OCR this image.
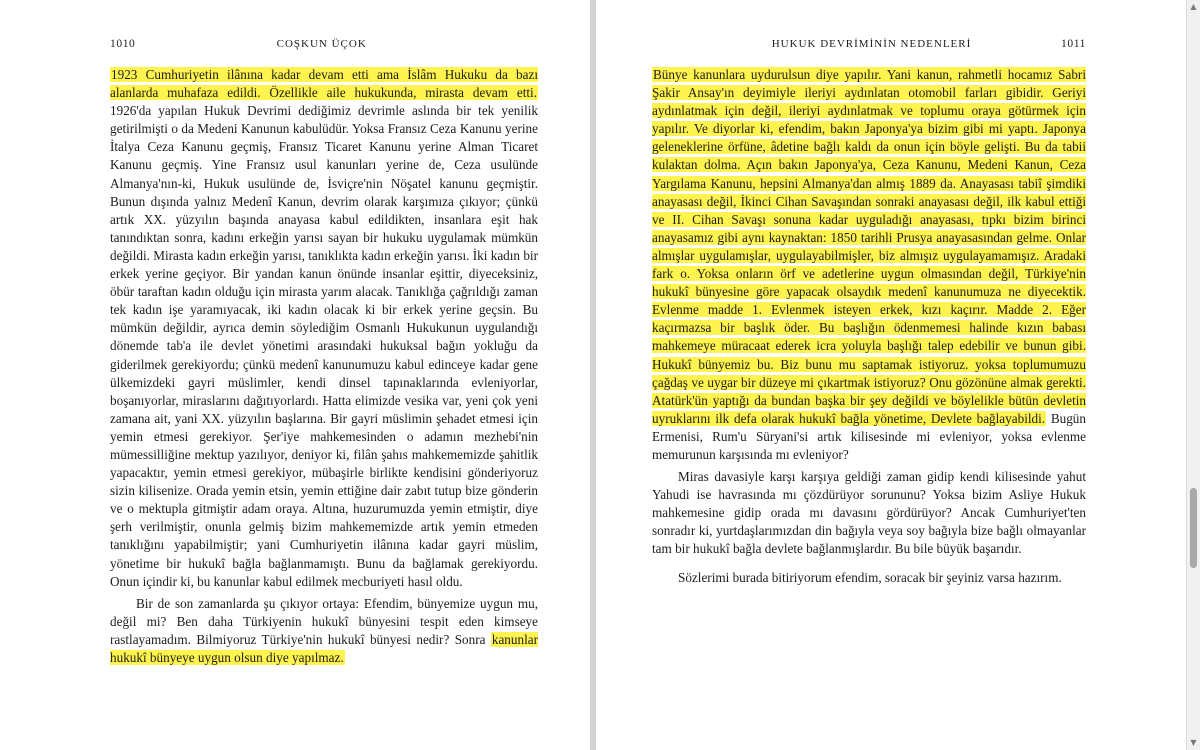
1010	COŞKUN ÜÇOK

1923 Cumhuriyetin ilânına kadar devam etti ama İslâm Hukuku da bazı alanlarda muhafaza edildi. Özellikle aile hukukunda, mirasta devam etti. 1926'da yapılan Hukuk Devrimi dediğimiz devrimle aslında bir tek yenilik getirilmişti o da Medeni Kanunun kabulüdür. Yoksa Fransız Ceza Kanunu yerine İtalya Ceza Kanunu geçmiş, Fransız Ticaret Kanunu yerine Alman Ticaret Kanunu geçmiş. Yine Fransız usul kanunları yerine de, Ceza usulünde Almanya'nın-ki, Hukuk usulünde de, İsviçre'nin Nöşatel kanunu geçmiştir. Bunun dışında yalnız Medenî Kanun, devrim olarak karşımıza çıkıyor; çünkü artık XX. yüzyılın başında anayasa kabul edildikten, insanlara eşit hak tanındıktan sonra, kadını erkeğin yarısı sayan bir hukuku uygulamak mümkün değildi. Mirasta kadın erkeğin yarısı, tanıklıkta kadın erkeğin yarısı. İki kadın bir erkek yerine geçiyor. Bir yandan kanun önünde insanlar eşittir, diyeceksiniz, öbür taraftan kadın olduğu için mirasta yarım alacak. Tanıklığa çağrıldığı zaman tek kadın işe yaramıyacak, iki kadın olacak ki bir erkek yerine geçsin. Bu mümkün değildir, ayrıca demin söylediğim Osmanlı Hukukunun uygulandığı dönemde tab'a ile devlet yönetimi arasındaki hukuksal bağın yokluğu da giderilmek gerekiyordu; çünkü medenî kanunumuzu kabul edinceye kadar gene ülkemizdeki gayri müslimler, kendi dinsel tapınaklarında evleniyorlar, boşanıyorlar, miraslarını dağıtıyorlardı. Hatta elimizde vesika var, yeni çok yeni zamana ait, yani XX. yüzyılın başlarına. Bir gayri müslimin şehadet etmesi için yemin etmesi gerekiyor. Şer'iye mahkemesinden o adamın mezhebi'nin mümessilliğine mektup yazılıyor, deniyor ki, filân şahıs mahkememizde şahitlik yapacaktır, yemin etmesi gerekiyor, mübaşirle birlikte kendisini gönderiyoruz sizin kilisenize. Orada yemin etsin, yemin ettiğine dair zabıt tutup bize gönderin ve o mektupla gitmiştir adam oraya. Altına, huzurumuzda yemin etmiştir, diye şerh verilmiştir, onunla gelmiş bizim mahkememizde artık yemin etmeden tanıklığını yapabilmiştir; yani Cumhuriyetin ilânına kadar gayri müslim, yönetime bir hukukî bağla bağlanmamıştı. Bunu da bağlamak gerekiyordu. Onun içindir ki, bu kanunlar kabul edilmek mecburiyeti hasıl oldu.

Bir de son zamanlarda şu çıkıyor ortaya: Efendim, bünyemize uygun mu, değil mi? Ben daha Türkiyenin hukukî bünyesini tespit eden kimseye rastlayamadım. Bilmiyoruz Türkiye'nin hukukî bünyesi nedir? Sonra kanunlar hukukî bünyeye uygun olsun diye yapılmaz.

HUKUK DEVRİMİNİN NEDENLERİ	1011

Bünye kanunlara uydurulsun diye yapılır. Yani kanun, rahmetli hocamız Sabri Şakir Ansay'ın deyimiyle ileriyi aydınlatan otomobil farları gibidir. Geriyi aydınlatmak için değil, ileriyi aydınlatmak ve toplumu oraya götürmek için yapılır. Ve diyorlar ki, efendim, bakın Japonya'ya bizim gibi mi yaptı. Japonya geleneklerine örfüne, âdetine bağlı kaldı da onun için böyle gelişti. Bu da tabii kulaktan dolma. Açın bakın Japonya'ya, Ceza Kanunu, Medeni Kanun, Ceza Yargılama Kanunu, hepsini Almanya'dan almış 1889 da. Anayasası tabiî şimdiki anayasası değil, İkinci Cihan Savaşından sonraki anayasası değil, ilk kabul ettiği ve II. Cihan Savaşı sonuna kadar uyguladığı anayasası, tıpkı bizim birinci anayasamız gibi aynı kaynaktan: 1850 tarihli Prusya anayasasından gelme. Onlar almışlar uygulamışlar, uygulayabilmişler, biz almışız uygulayamamışız. Aradaki fark o. Yoksa onların örf ve adetlerine uygun olmasından değil, Türkiye'nin hukukî bünyesine göre yapacak olsaydık medenî kanunumuza ne diyecektik. Evlenme madde 1. Evlenmek isteyen erkek, kızı kaçırır. Madde 2. Eğer kaçırmazsa bir başlık öder. Bu başlığın ödenmemesi halinde kızın babası mahkemeye müracaat ederek icra yoluyla başlığı talep edebilir ve bunun gibi. Hukukî bünyemiz bu. Biz bunu mu saptamak istiyoruz. yoksa toplumumuzu çağdaş ve uygar bir düzeye mi çıkartmak istiyoruz? Onu gözönüne almak gerekti. Atatürk'ün yaptığı da bundan başka bir şey değildi ve böylelikle bütün devletin uyruklarını ilk defa olarak hukukî bağla yönetime, Devlete bağlayabildi. Bugün Ermenisi, Rum'u Süryani'si artık kilisesinde mi evleniyor, yoksa evlenme memurunun karşısında mı evleniyor?

Miras davasiyle karşı karşıya geldiği zaman gidip kendi kilisesinde yahut Yahudi ise havrasında mı çözdürüyor sorununu? Yoksa bizim Asliye Hukuk mahkemesine gidip orada mı davasını gördürüyor? Ancak Cumhuriyet'ten sonradır ki, yurtdaşlarımızdan din bağıyla veya soy bağıyla bize bağlı olmayanlar tam bir hukukî bağla devlete bağlanmışlardır. Bu bile büyük başarıdır.

Sözlerimi burada bitiriyorum efendim, soracak bir şeyiniz varsa hazırım.

▲
▼
